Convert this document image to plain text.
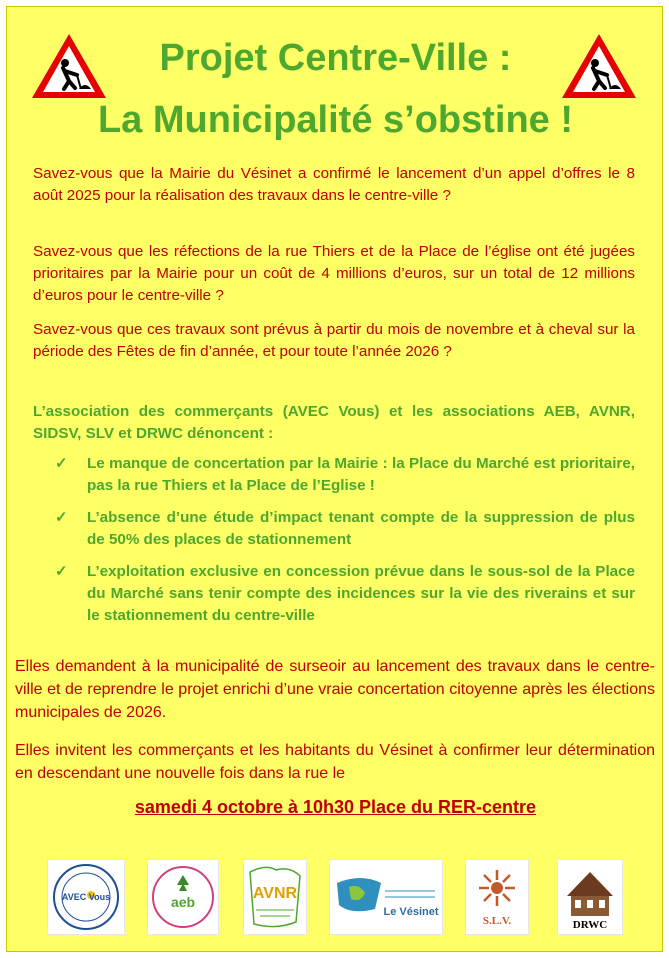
Projet Centre-Ville :
La Municipalité s’obstine !

Savez-vous que la Mairie du Vésinet a confirmé le lancement d’un appel d’offres le 8 août 2025 pour la réalisation des travaux dans le centre-ville ?

Savez-vous que les réfections de la rue Thiers et de la Place de l’église ont été jugées prioritaires par la Mairie pour un coût de 4 millions d’euros, sur un total de 12 millions d’euros pour le centre-ville ?

Savez-vous que ces travaux sont prévus à partir du mois de novembre et à cheval sur la période des Fêtes de fin d’année, et pour toute l’année 2026 ?

L’association des commerçants (AVEC Vous) et les associations AEB, AVNR, SIDSV, SLV et DRWC dénoncent :

✓	Le manque de concertation par la Mairie : la Place du Marché est prioritaire, pas la rue Thiers et la Place de l’Eglise !
✓	L’absence d’une étude d’impact tenant compte de la suppression de plus de 50% des places de stationnement
✓	L’exploitation exclusive en concession prévue dans le sous-sol de la Place du Marché sans tenir compte des incidences sur la vie des riverains et sur le stationnement du centre-ville

Elles demandent à la municipalité de surseoir au lancement des travaux dans le centre-ville et de reprendre le projet enrichi d’une vraie concertation citoyenne après les élections municipales de 2026.

Elles invitent les commerçants et les habitants du Vésinet à confirmer leur détermination en descendant une nouvelle fois dans la rue le

samedi 4 octobre à 10h30 Place du RER-centre
AVEC Vous	aeb	AVNR
Le Vésinet
S.L.V.	DRWC
